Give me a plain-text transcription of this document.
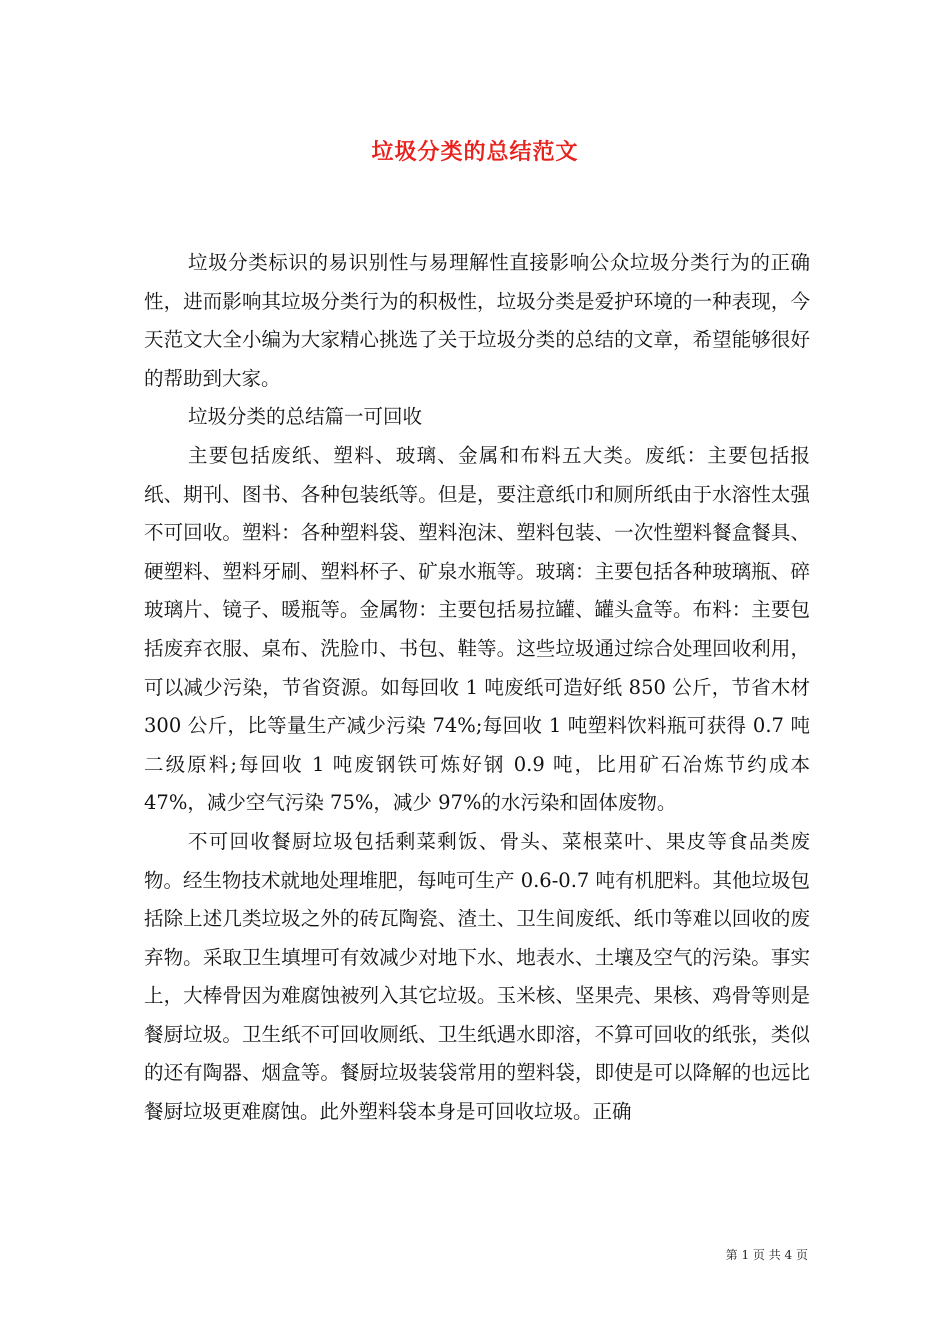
垃圾分类的总结范文

垃圾分类标识的易识别性与易理解性直接影响公众垃圾分类行为的正确性，进而影响其垃圾分类行为的积极性，垃圾分类是爱护环境的一种表现，今天范文大全小编为大家精心挑选了关于垃圾分类的总结的文章，希望能够很好的帮助到大家。

垃圾分类的总结篇一可回收

主要包括废纸、塑料、玻璃、金属和布料五大类。废纸：主要包括报纸、期刊、图书、各种包装纸等。但是，要注意纸巾和厕所纸由于水溶性太强不可回收。塑料：各种塑料袋、塑料泡沫、塑料包装、一次性塑料餐盒餐具、硬塑料、塑料牙刷、塑料杯子、矿泉水瓶等。玻璃：主要包括各种玻璃瓶、碎玻璃片、镜子、暖瓶等。金属物：主要包括易拉罐、罐头盒等。布料：主要包括废弃衣服、桌布、洗脸巾、书包、鞋等。这些垃圾通过综合处理回收利用，可以减少污染，节省资源。如每回收 1 吨废纸可造好纸 850 公斤，节省木材 300 公斤，比等量生产减少污染 74%;每回收 1 吨塑料饮料瓶可获得 0.7 吨二级原料;每回收 1 吨废钢铁可炼好钢 0.9 吨，比用矿石冶炼节约成本 47%，减少空气污染 75%，减少 97%的水污染和固体废物。

不可回收餐厨垃圾包括剩菜剩饭、骨头、菜根菜叶、果皮等食品类废物。经生物技术就地处理堆肥，每吨可生产 0.6-0.7 吨有机肥料。其他垃圾包括除上述几类垃圾之外的砖瓦陶瓷、渣土、卫生间废纸、纸巾等难以回收的废弃物。采取卫生填埋可有效减少对地下水、地表水、土壤及空气的污染。事实上，大棒骨因为难腐蚀被列入其它垃圾。玉米核、坚果壳、果核、鸡骨等则是餐厨垃圾。卫生纸不可回收厕纸、卫生纸遇水即溶，不算可回收的纸张，类似的还有陶器、烟盒等。餐厨垃圾装袋常用的塑料袋，即使是可以降解的也远比餐厨垃圾更难腐蚀。此外塑料袋本身是可回收垃圾。正确

第 1 页 共 4 页
